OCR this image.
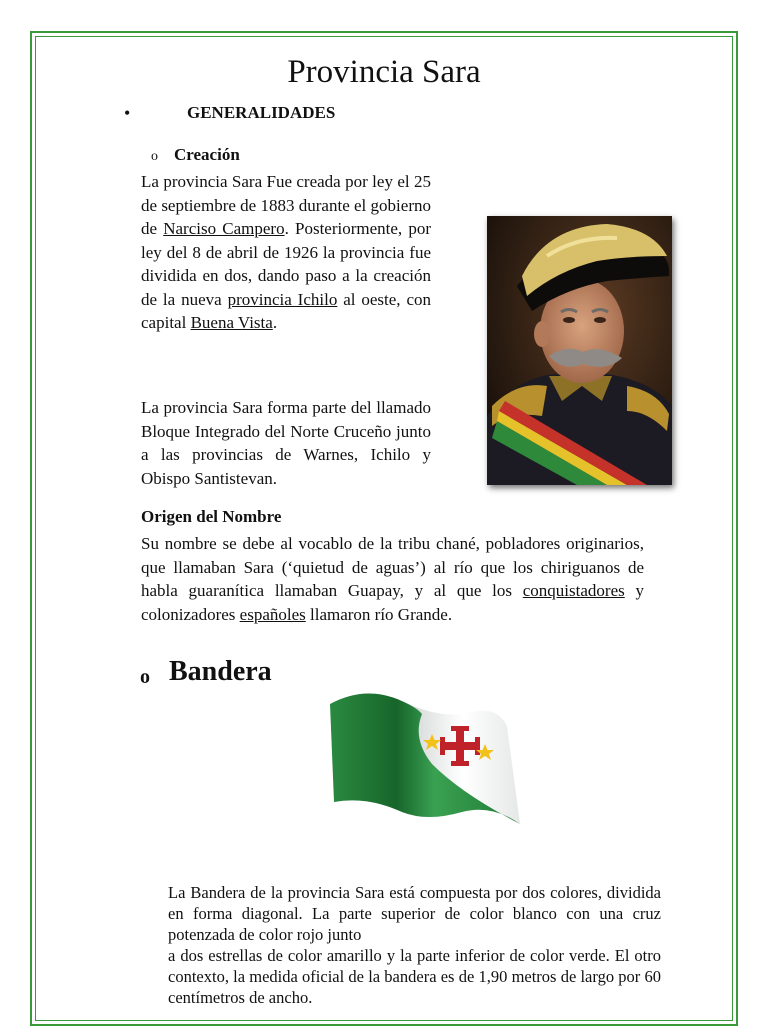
Provincia Sara
•	GENERALIDADES
o Creación
La provincia Sara Fue creada por ley el 25 de septiembre de 1883 durante el gobierno de Narciso Campero. Posteriormente, por ley del 8 de abril de 1926 la provincia fue dividida en dos, dando paso a la creación de la nueva provincia Ichilo al oeste, con capital Buena Vista.
La provincia Sara forma parte del llamado Bloque Integrado del Norte Cruceño junto a las provincias de Warnes, Ichilo y Obispo Santistevan.
Origen del Nombre
Su nombre se debe al vocablo de la tribu chané, pobladores originarios, que llamaban Sara (‘quietud de aguas’) al río que los chiriguanos de habla guaranítica llamaban Guapay, y al que los conquistadores y colonizadores españoles llamaron río Grande.
o Bandera
La Bandera de la provincia Sara está compuesta por dos colores, dividida en forma diagonal. La parte superior de color blanco con una cruz potenzada de color rojo junto
a dos estrellas de color amarillo y la parte inferior de color verde. El otro contexto, la medida oficial de la bandera es de 1,90 metros de largo por 60 centímetros de ancho.
